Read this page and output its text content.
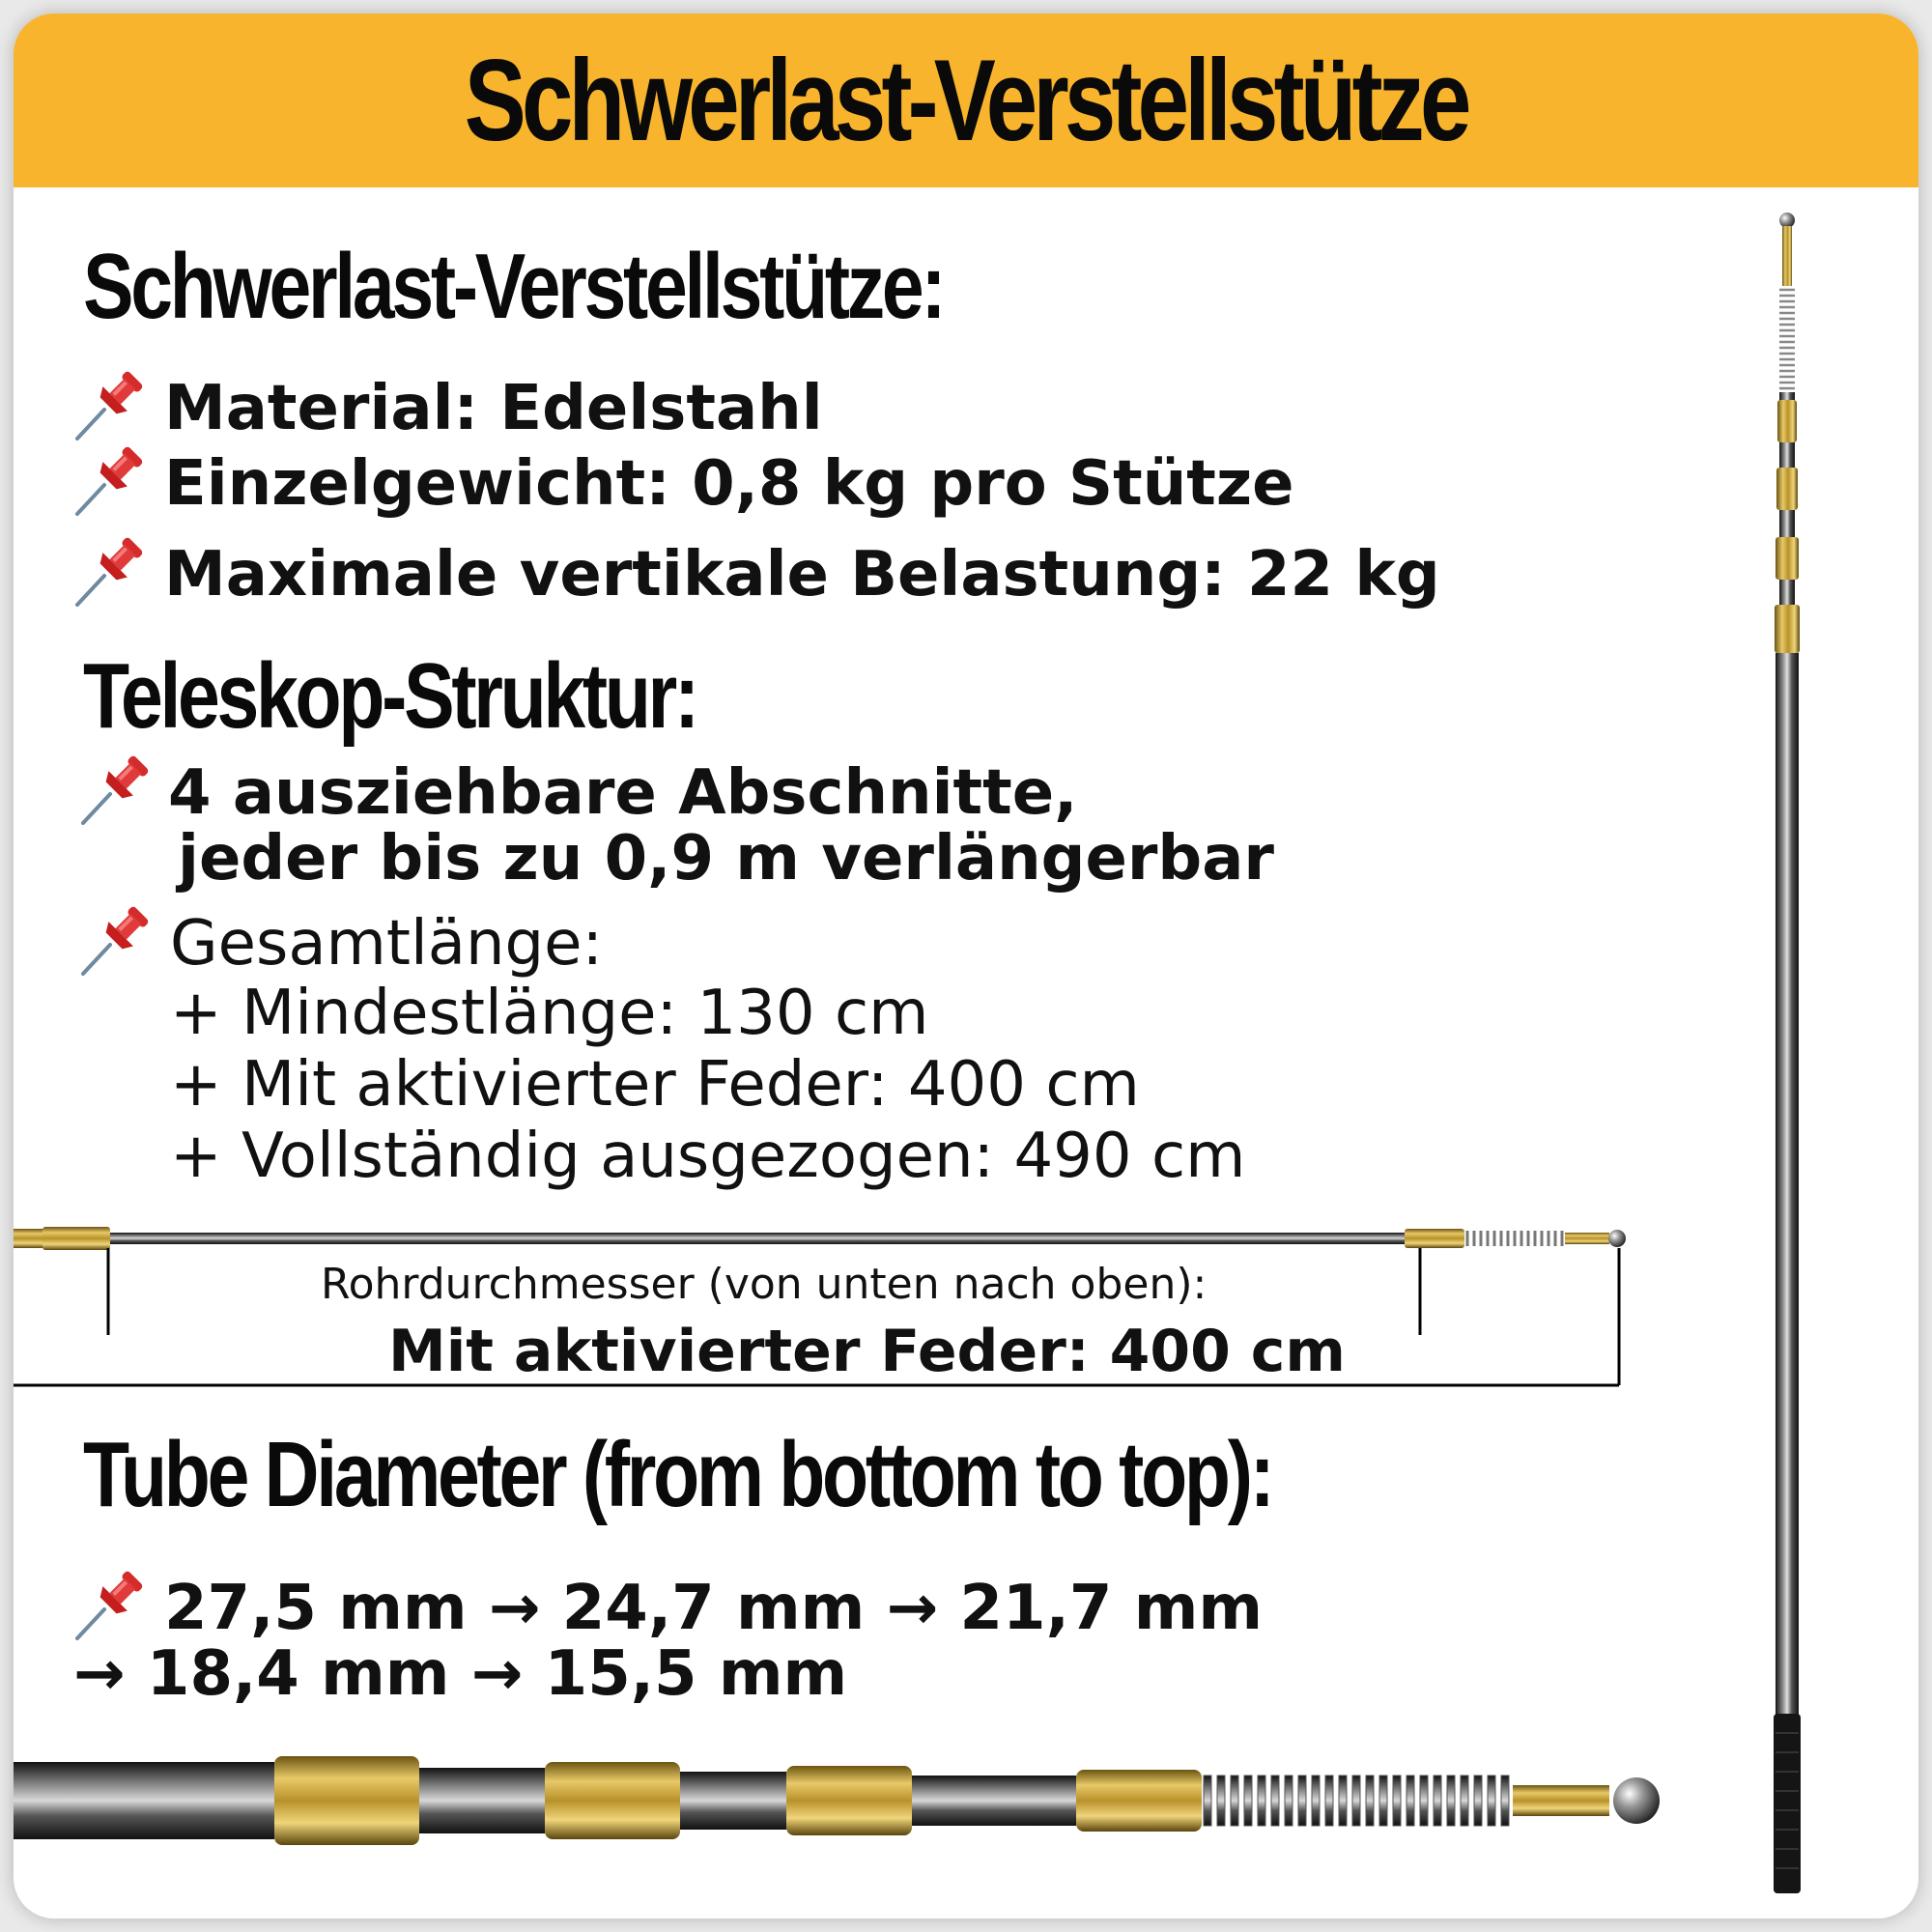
Schwerlast-Verstellstütze
Schwerlast-Verstellstütze:
Material: Edelstahl
Einzelgewicht: 0,8 kg pro Stütze
Maximale vertikale Belastung: 22 kg
Teleskop-Struktur:
4 ausziehbare Abschnitte,
jeder bis zu 0,9 m verlängerbar
Gesamtlänge:
+ Mindestlänge: 130 cm
+ Mit aktivierter Feder: 400 cm
+ Vollständig ausgezogen: 490 cm
Rohrdurchmesser (von unten nach oben):
Mit aktivierter Feder: 400 cm
Tube Diameter (from bottom to top):
27,5 mm → 24,7 mm → 21,7 mm
→ 18,4 mm → 15,5 mm
